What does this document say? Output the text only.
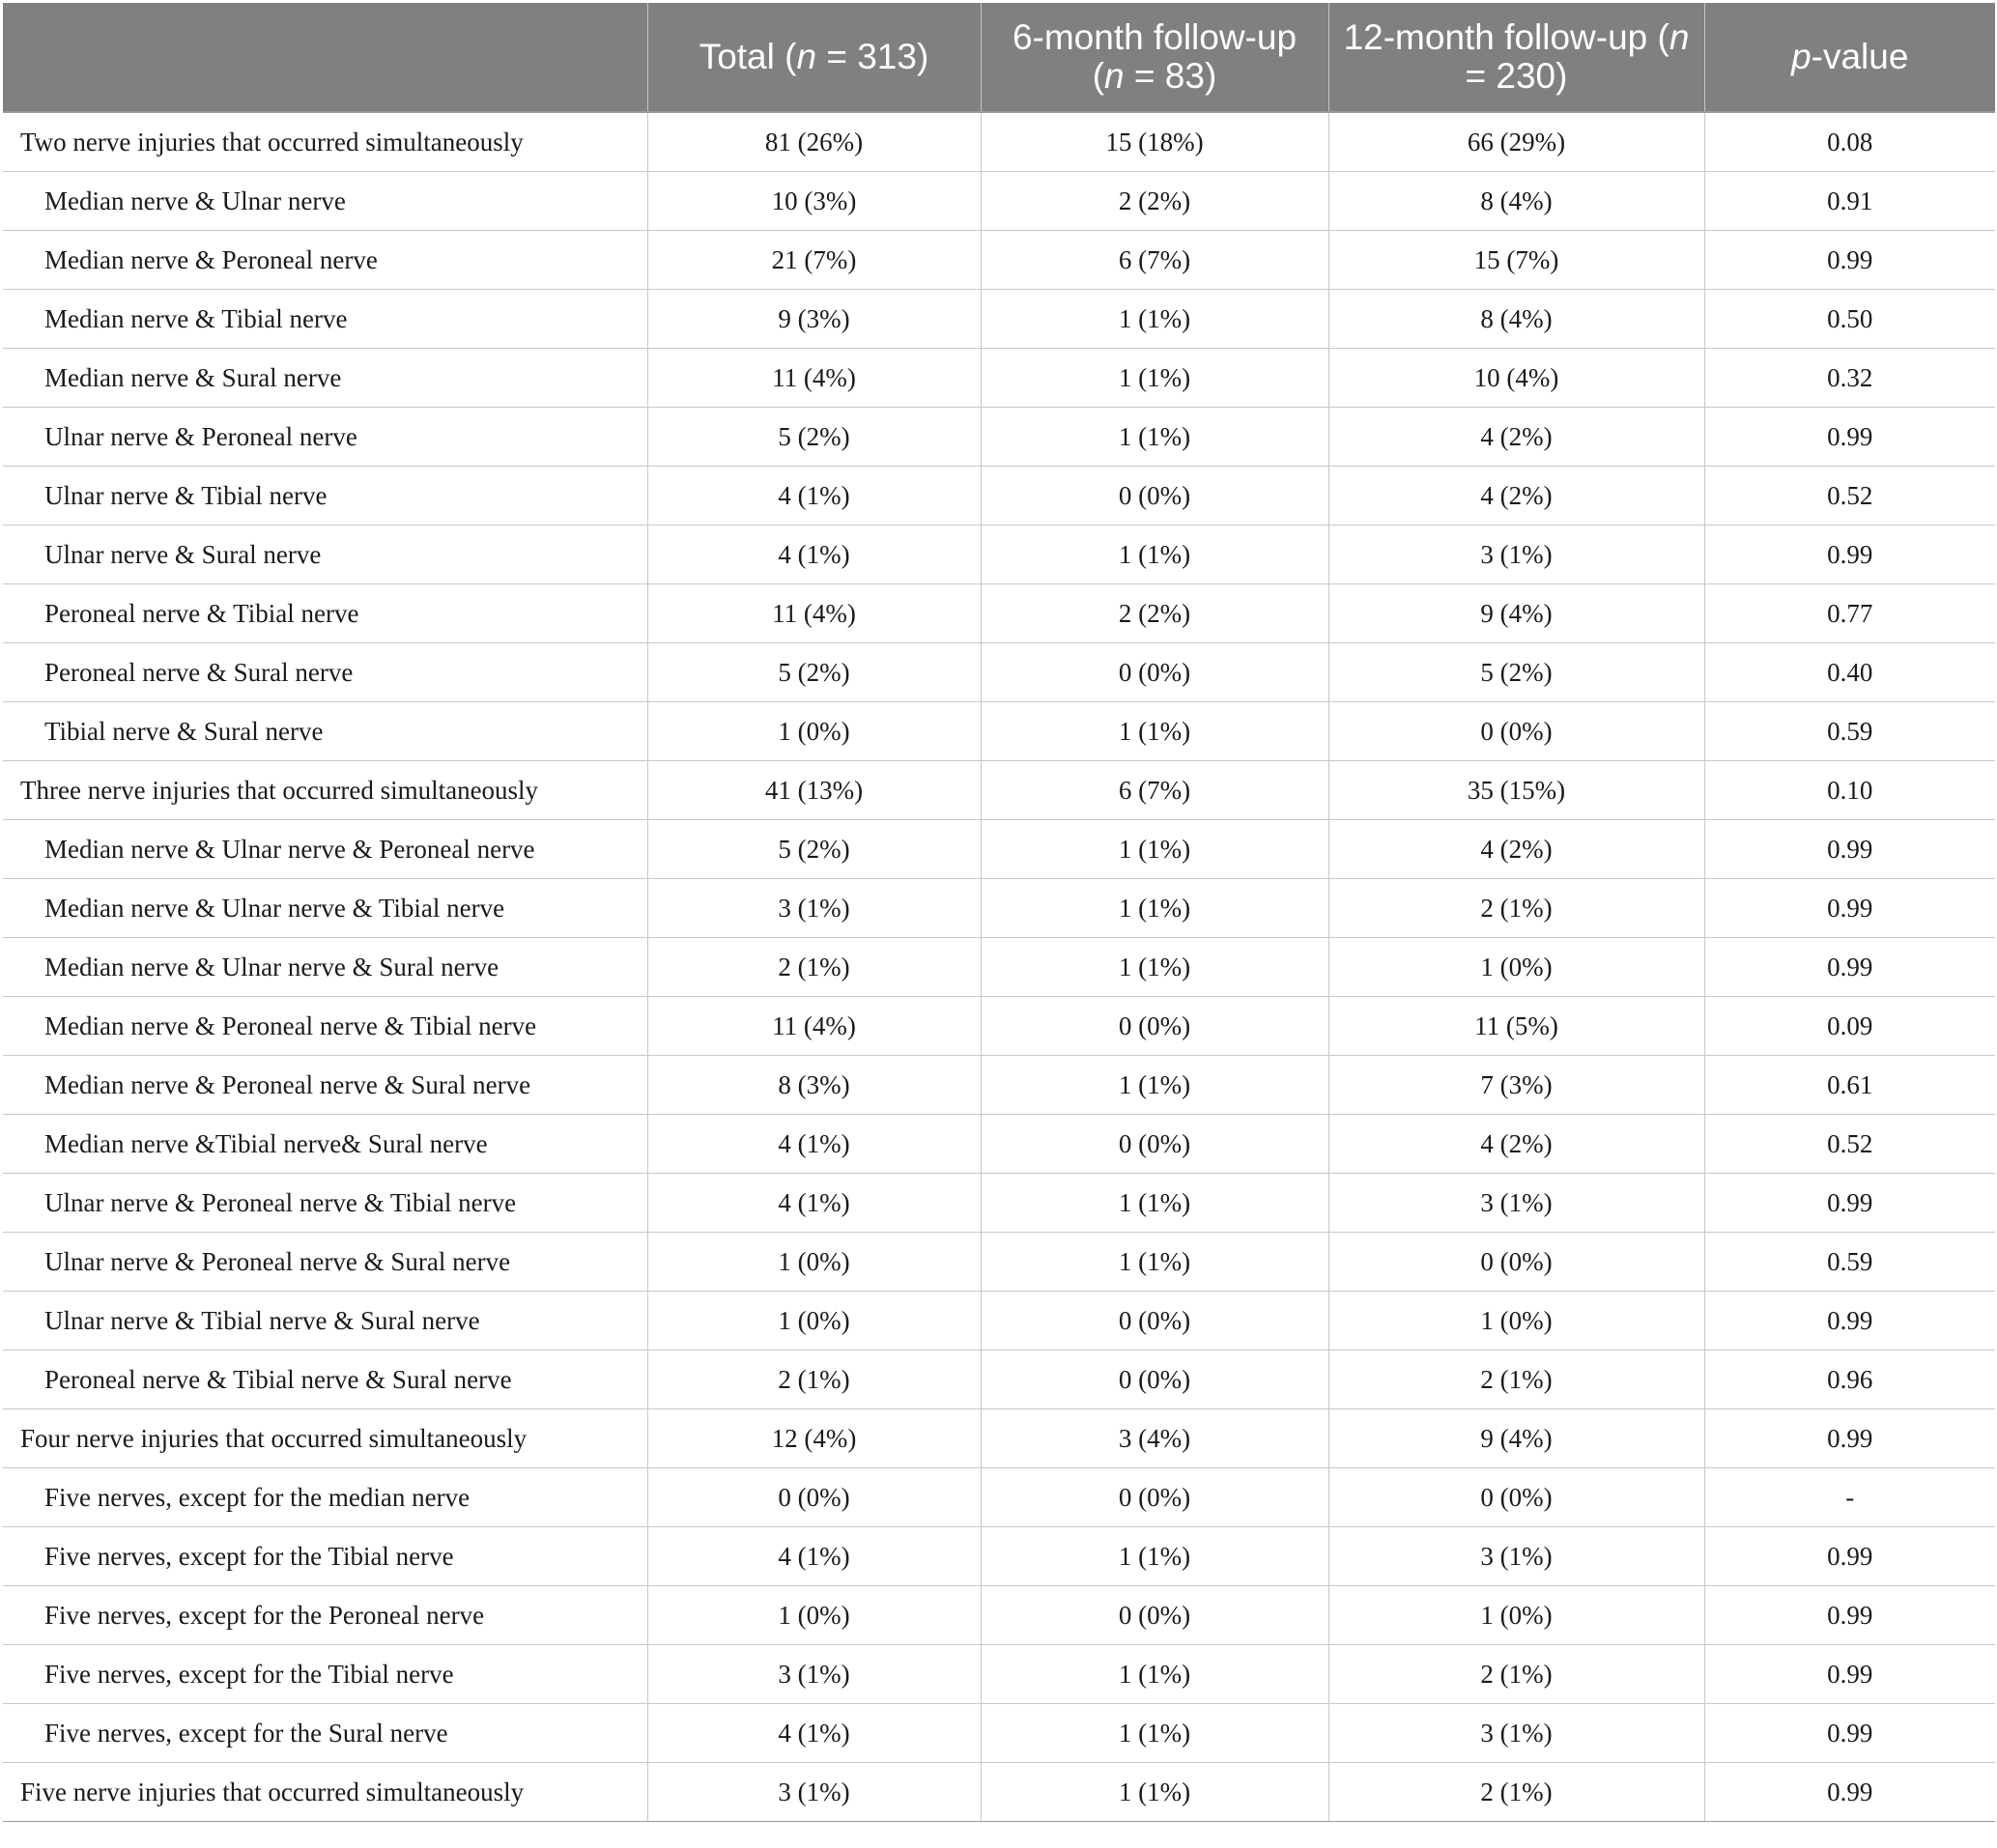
	Total (n = 313)	6-month follow-up (n = 83)	12-month follow-up (n = 230)	p-value
Two nerve injuries that occurred simultaneously	81 (26%)	15 (18%)	66 (29%)	0.08
Median nerve & Ulnar nerve	10 (3%)	2 (2%)	8 (4%)	0.91
Median nerve & Peroneal nerve	21 (7%)	6 (7%)	15 (7%)	0.99
Median nerve & Tibial nerve	9 (3%)	1 (1%)	8 (4%)	0.50
Median nerve & Sural nerve	11 (4%)	1 (1%)	10 (4%)	0.32
Ulnar nerve & Peroneal nerve	5 (2%)	1 (1%)	4 (2%)	0.99
Ulnar nerve & Tibial nerve	4 (1%)	0 (0%)	4 (2%)	0.52
Ulnar nerve & Sural nerve	4 (1%)	1 (1%)	3 (1%)	0.99
Peroneal nerve & Tibial nerve	11 (4%)	2 (2%)	9 (4%)	0.77
Peroneal nerve & Sural nerve	5 (2%)	0 (0%)	5 (2%)	0.40
Tibial nerve & Sural nerve	1 (0%)	1 (1%)	0 (0%)	0.59
Three nerve injuries that occurred simultaneously	41 (13%)	6 (7%)	35 (15%)	0.10
Median nerve & Ulnar nerve & Peroneal nerve	5 (2%)	1 (1%)	4 (2%)	0.99
Median nerve & Ulnar nerve & Tibial nerve	3 (1%)	1 (1%)	2 (1%)	0.99
Median nerve & Ulnar nerve & Sural nerve	2 (1%)	1 (1%)	1 (0%)	0.99
Median nerve & Peroneal nerve & Tibial nerve	11 (4%)	0 (0%)	11 (5%)	0.09
Median nerve & Peroneal nerve & Sural nerve	8 (3%)	1 (1%)	7 (3%)	0.61
Median nerve &Tibial nerve& Sural nerve	4 (1%)	0 (0%)	4 (2%)	0.52
Ulnar nerve & Peroneal nerve & Tibial nerve	4 (1%)	1 (1%)	3 (1%)	0.99
Ulnar nerve & Peroneal nerve & Sural nerve	1 (0%)	1 (1%)	0 (0%)	0.59
Ulnar nerve & Tibial nerve & Sural nerve	1 (0%)	0 (0%)	1 (0%)	0.99
Peroneal nerve & Tibial nerve & Sural nerve	2 (1%)	0 (0%)	2 (1%)	0.96
Four nerve injuries that occurred simultaneously	12 (4%)	3 (4%)	9 (4%)	0.99
Five nerves, except for the median nerve	0 (0%)	0 (0%)	0 (0%)	-
Five nerves, except for the Tibial nerve	4 (1%)	1 (1%)	3 (1%)	0.99
Five nerves, except for the Peroneal nerve	1 (0%)	0 (0%)	1 (0%)	0.99
Five nerves, except for the Tibial nerve	3 (1%)	1 (1%)	2 (1%)	0.99
Five nerves, except for the Sural nerve	4 (1%)	1 (1%)	3 (1%)	0.99
Five nerve injuries that occurred simultaneously	3 (1%)	1 (1%)	2 (1%)	0.99
